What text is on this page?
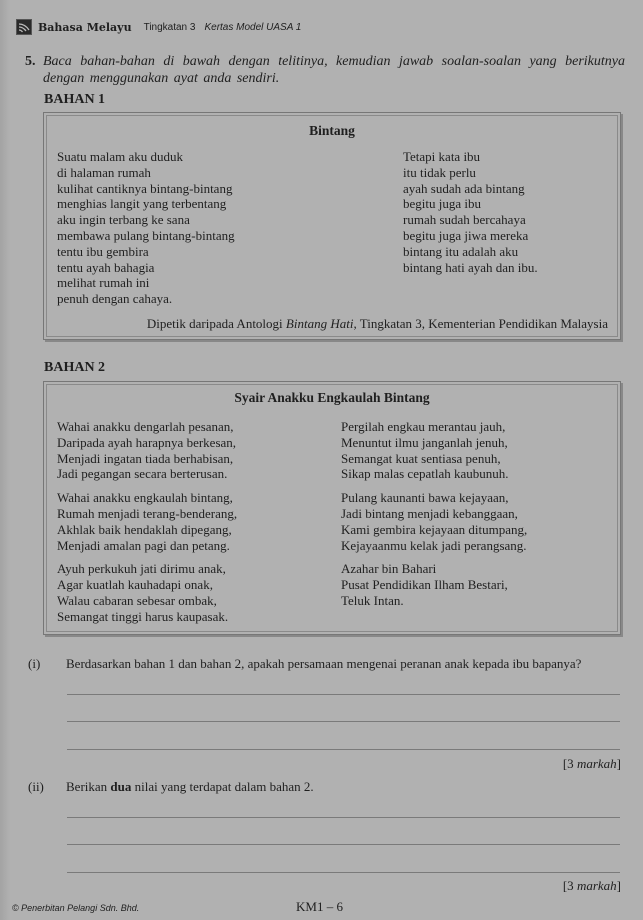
Bahasa Melayu Tingkatan 3 Kertas Model UASA 1
5. Baca bahan-bahan di bawah dengan telitinya, kemudian jawab soalan-soalan yang berikutnya dengan menggunakan ayat anda sendiri.
BAHAN 1
Bintang
Suatu malam aku duduk
di halaman rumah
kulihat cantiknya bintang-bintang
menghias langit yang terbentang
aku ingin terbang ke sana
membawa pulang bintang-bintang
tentu ibu gembira
tentu ayah bahagia
melihat rumah ini
penuh dengan cahaya.
Tetapi kata ibu
itu tidak perlu
ayah sudah ada bintang
begitu juga ibu
rumah sudah bercahaya
begitu juga jiwa mereka
bintang itu adalah aku
bintang hati ayah dan ibu.
Dipetik daripada Antologi Bintang Hati, Tingkatan 3, Kementerian Pendidikan Malaysia
BAHAN 2
Syair Anakku Engkaulah Bintang
Wahai anakku dengarlah pesanan,
Daripada ayah harapnya berkesan,
Menjadi ingatan tiada berhabisan,
Jadi pegangan secara berterusan.
Wahai anakku engkaulah bintang,
Rumah menjadi terang-benderang,
Akhlak baik hendaklah dipegang,
Menjadi amalan pagi dan petang.
Ayuh perkukuh jati dirimu anak,
Agar kuatlah kauhadapi onak,
Walau cabaran sebesar ombak,
Semangat tinggi harus kaupasak.
Pergilah engkau merantau jauh,
Menuntut ilmu janganlah jenuh,
Semangat kuat sentiasa penuh,
Sikap malas cepatlah kaubunuh.
Pulang kaunanti bawa kejayaan,
Jadi bintang menjadi kebanggaan,
Kami gembira kejayaan ditumpang,
Kejayaanmu kelak jadi perangsang.
Azahar bin Bahari
Pusat Pendidikan Ilham Bestari,
Teluk Intan.
(i) Berdasarkan bahan 1 dan bahan 2, apakah persamaan mengenai peranan anak kepada ibu bapanya?
[3 markah]
(ii) Berikan dua nilai yang terdapat dalam bahan 2.
[3 markah]
© Penerbitan Pelangi Sdn. Bhd.	KM1 – 6
